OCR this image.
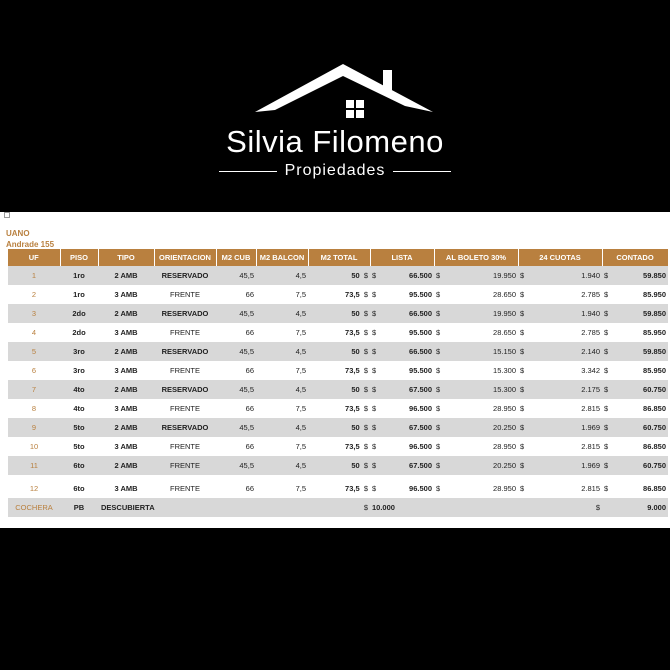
Silvia Filomeno
Propiedades
UANO
Andrade 155
UF	PISO	TIPO	ORIENTACION	M2 CUB	M2 BALCON	M2 TOTAL	LISTA	AL BOLETO 30%	24 CUOTAS	CONTADO
1	1ro	2 AMB	RESERVADO	45,5	4,5	50 $	$ 66.500	$ 19.950	$ 1.940	$ 59.850

2	1ro	3 AMB	FRENTE	66	7,5	73,5 $	$ 95.500	$ 28.650	$ 2.785	$ 85.950

3	2do	2 AMB	RESERVADO	45,5	4,5	50 $	$ 66.500	$ 19.950	$ 1.940	$ 59.850

4	2do	3 AMB	FRENTE	66	7,5	73,5 $	$ 95.500	$ 28.650	$ 2.785	$ 85.950

5	3ro	2 AMB	RESERVADO	45,5	4,5	50 $	$ 66.500	$ 15.150	$ 2.140	$ 59.850

6	3ro	3 AMB	FRENTE	66	7,5	73,5 $	$ 95.500	$ 15.300	$ 3.342	$ 85.950

7	4to	2 AMB	RESERVADO	45,5	4,5	50 $	$ 67.500	$ 15.300	$ 2.175	$ 60.750

8	4to	3 AMB	FRENTE	66	7,5	73,5 $	$ 96.500	$ 28.950	$ 2.815	$ 86.850

9	5to	2 AMB	RESERVADO	45,5	4,5	50 $	$ 67.500	$ 20.250	$ 1.969	$ 60.750

10	5to	3 AMB	FRENTE	66	7,5	73,5 $	$ 96.500	$ 28.950	$ 2.815	$ 86.850

11	6to	2 AMB	FRENTE	45,5	4,5	50 $	$ 67.500	$ 20.250	$ 1.969	$ 60.750

12	6to	3 AMB	FRENTE	66	7,5	73,5 $	$ 96.500	$ 28.950	$ 2.815	$ 86.850

COCHERA	PB	DESCUBIERTA				$	10.000		$	9.000
